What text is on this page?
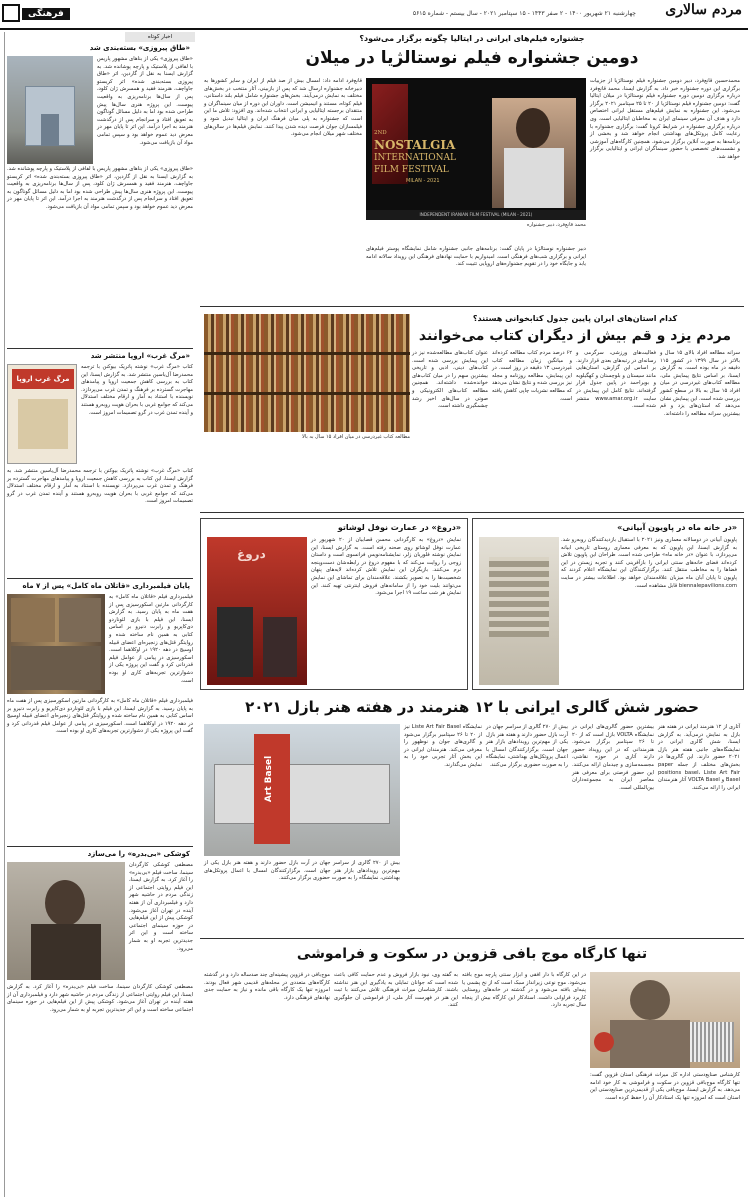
مردم سالاری
چهارشنبه ۲۱ شهریور ۱۴۰۰ - ۲ صفر ۱۴۴۳ - ۱۵ سپتامبر ۲۰۲۱ - سال بیستم - شماره ۵۶۱۵
فرهنگی
اخبار کوتاه
«طاق پیروزی» بسته‌بندی شد
«طاق پیروزی» یکی از بناهای مشهور پاریس با لفافی از پلاستیک و پارچه پوشانده شد. به گزارش ایسنا به نقل از گاردین، اثر «طاق پیروزی بسته‌بندی شده» اثر کریستو جاواچف، هنرمند فقید و همسرش ژان کلود، پس از سال‌ها برنامه‌ریزی به واقعیت پیوست. این پروژه هنری سال‌ها پیش طراحی شده بود اما به دلیل مسائل گوناگون به تعویق افتاد و سرانجام پس از درگذشت هنرمند به اجرا درآمد. این اثر تا پایان مهر در معرض دید عموم خواهد بود و سپس تمامی مواد آن بازیافت می‌شود.
«طاق پیروزی» یکی از بناهای مشهور پاریس با لفافی از پلاستیک و پارچه پوشانده شد. به گزارش ایسنا به نقل از گاردین، اثر «طاق پیروزی بسته‌بندی شده» اثر کریستو جاواچف، هنرمند فقید و همسرش ژان کلود، پس از سال‌ها برنامه‌ریزی به واقعیت پیوست. این پروژه هنری سال‌ها پیش طراحی شده بود اما به دلیل مسائل گوناگون به تعویق افتاد و سرانجام پس از درگذشت هنرمند به اجرا درآمد. این اثر تا پایان مهر در معرض دید عموم خواهد بود و سپس تمامی مواد آن بازیافت می‌شود.
«مرگ غرب» اروپا منتشر شد
مرگ غرب اروپا
کتاب «مرگ غرب» نوشته پاتریک بیوکنن با ترجمه محمدرضا آل‌یاسین منتشر شد. به گزارش ایسنا، این کتاب به بررسی کاهش جمعیت اروپا و پیامدهای مهاجرت گسترده بر فرهنگ و تمدن غرب می‌پردازد. نویسنده با استناد به آمار و ارقام مختلف استدلال می‌کند که جوامع غربی با بحران هویت روبه‌رو هستند و آینده تمدن غرب در گرو تصمیمات امروز است.
کتاب «مرگ غرب» نوشته پاتریک بیوکنن با ترجمه محمدرضا آل‌یاسین منتشر شد. به گزارش ایسنا، این کتاب به بررسی کاهش جمعیت اروپا و پیامدهای مهاجرت گسترده بر فرهنگ و تمدن غرب می‌پردازد. نویسنده با استناد به آمار و ارقام مختلف استدلال می‌کند که جوامع غربی با بحران هویت روبه‌رو هستند و آینده تمدن غرب در گرو تصمیمات امروز است.
پایان فیلمبرداری «قاتلان ماه کامل» پس از ۷ ماه
فیلمبرداری فیلم «قاتلان ماه کامل» به کارگردانی مارتین اسکورسیزی پس از هفت ماه به پایان رسید. به گزارش ایسنا، این فیلم با بازی لئوناردو دی‌کاپریو و رابرت دنیرو بر اساس کتابی به همین نام ساخته شده و روایتگر قتل‌های زنجیره‌ای اعضای قبیله اوسیج در دهه ۱۹۲۰ در اوکلاهما است. اسکورسیزی در پیامی از عوامل فیلم قدردانی کرد و گفت این پروژه یکی از دشوارترین تجربه‌های کاری او بوده است.
فیلمبرداری فیلم «قاتلان ماه کامل» به کارگردانی مارتین اسکورسیزی پس از هفت ماه به پایان رسید. به گزارش ایسنا، این فیلم با بازی لئوناردو دی‌کاپریو و رابرت دنیرو بر اساس کتابی به همین نام ساخته شده و روایتگر قتل‌های زنجیره‌ای اعضای قبیله اوسیج در دهه ۱۹۲۰ در اوکلاهما است. اسکورسیزی در پیامی از عوامل فیلم قدردانی کرد و گفت این پروژه یکی از دشوارترین تجربه‌های کاری او بوده است.
کوشکی «بی‌بدره» را می‌سازد
مصطفی کوشکی کارگردان سینما، ساخت فیلم «بی‌بدره» را آغاز کرد. به گزارش ایسنا، این فیلم روایتی اجتماعی از زندگی مردم در حاشیه شهر دارد و فیلمبرداری آن از هفته آینده در تهران آغاز می‌شود. کوشکی پیش از این فیلم‌هایی در حوزه سینمای اجتماعی ساخته است و این اثر جدیدترین تجربه او به شمار می‌رود.
مصطفی کوشکی کارگردان سینما، ساخت فیلم «بی‌بدره» را آغاز کرد. به گزارش ایسنا، این فیلم روایتی اجتماعی از زندگی مردم در حاشیه شهر دارد و فیلمبرداری آن از هفته آینده در تهران آغاز می‌شود. کوشکی پیش از این فیلم‌هایی در حوزه سینمای اجتماعی ساخته است و این اثر جدیدترین تجربه او به شمار می‌رود.
جشنواره فیلم‌های ایرانی در ایتالیا چگونه برگزار می‌شود؟
دومین جشنواره فیلم نوستالژیا در میلان
2ND
NOSTALGIA
INTERNATIONAL
FILM FESTIVAL
2021 - MILAN
INDEPENDENT IRANIAN FILM FESTIVAL (MILAN - 2021)
محمد قانع‌فرد، دبیر جشنواره
محمدحسین قانع‌فرد، دبیر دومین جشنواره فیلم نوستالژیا از جزییات برگزاری این دوره جشنواره خبر داد. به گزارش ایسنا، محمد قانع‌فرد درباره برگزاری دومین دوره جشنواره فیلم نوستالژیا در میلان ایتالیا گفت: دومین جشنواره فیلم نوستالژیا از ۲۰ تا ۲۵ سپتامبر ۲۰۲۱ برگزار می‌شود. این جشنواره به نمایش فیلم‌های مستقل ایرانی اختصاص دارد و هدف آن معرفی سینمای ایران به مخاطبان ایتالیایی است. وی درباره برگزاری جشنواره در شرایط کرونا گفت: برگزاری جشنواره با رعایت کامل پروتکل‌های بهداشتی انجام خواهد شد و بخشی از برنامه‌ها به صورت آنلاین برگزار می‌شود. همچنین کارگاه‌های آموزشی و نشست‌های تخصصی با حضور سینماگران ایرانی و ایتالیایی برگزار خواهد شد.
قانع‌فرد ادامه داد: امسال بیش از صد فیلم از ایران و سایر کشورها به دبیرخانه جشنواره ارسال شد که پس از بازبینی، آثار منتخب در بخش‌های مختلف به نمایش درمی‌آیند. بخش‌های جشنواره شامل فیلم بلند داستانی، فیلم کوتاه، مستند و انیمیشن است. داوران این دوره از میان سینماگران و منتقدان برجسته ایتالیایی و ایرانی انتخاب شده‌اند. وی افزود: تلاش ما این است که جشنواره به پلی میان فرهنگ ایران و ایتالیا تبدیل شود و فیلمسازان جوان فرصت دیده شدن پیدا کنند. نمایش فیلم‌ها در سالن‌های مختلف شهر میلان انجام می‌شود.
دبیر جشنواره نوستالژیا در پایان گفت: برنامه‌های جانبی جشنواره شامل نمایشگاه پوستر فیلم‌های ایرانی و برگزاری شب‌های فرهنگی است. امیدواریم با حمایت نهادهای فرهنگی این رویداد سالانه ادامه یابد و جایگاه خود را در تقویم جشنواره‌های اروپایی تثبیت کند.
کدام استان‌های ایران پایین جدول کتابخوانی هستند؟
مردم یزد و قم بیش از دیگران کتاب می‌خوانند
سرانه مطالعه افراد بالای ۱۵ سال و بالاتر در سال ۱۳۹۹ در کشور ۱۱۵ دقیقه در ماه بوده است. به گزارش ایسنا، بر اساس نتایج پیمایش ملی، مطالعه کتاب‌های غیردرسی در میان افراد ۱۵ سال به بالا در سطح کشور بررسی شده است. این پیمایش نشان می‌دهد که استان‌های یزد و قم بیشترین سرانه مطالعه را داشته‌اند.
فعالیت‌های ورزشی، سرگرمی و رسانه‌ای در رتبه‌های بعدی قرار دارند. بر اساس این گزارش، استان‌هایی مانند سیستان و بلوچستان و کهگیلویه و بویراحمد در پایین جدول قرار گرفته‌اند. نتایج کامل این پیمایش در سایت www.amar.org.ir منتشر شده است.
۶۲ درصد مردم کتاب مطالعه کرده‌اند و میانگین زمان مطالعه کتاب غیردرسی ۱۳ دقیقه در روز است. در این پیمایش، مطالعه روزنامه و مجله نیز بررسی شده و نتایج نشان می‌دهد که مطالعه نشریات چاپی کاهش یافته است.
عنوان کتاب‌های مطالعه‌شده نیز در این پیمایش بررسی شده است. کتاب‌های دینی، ادبی و تاریخی بیشترین سهم را در میان کتاب‌های خوانده‌شده داشته‌اند. همچنین مطالعه کتاب‌های الکترونیکی و صوتی در سال‌های اخیر رشد چشمگیری داشته است.
مطالعه کتاب غیردرسی در میان افراد ۱۵ سال به بالا
«در خانه ماه در پاویون آبیانی»
پاویون آبیانی در دوسالانه معماری ونیز ۲۰۲۱ با استقبال بازدیدکنندگان روبه‌رو شد. به گزارش ایسنا، این پاویون که به معرفی معماری روستای تاریخی ابیانه می‌پردازد، با عنوان «در خانه ماه» طراحی شده است. طراحان این پاویون تلاش کرده‌اند فضای خانه‌های سنتی ایرانی را بازآفرینی کنند و تجربه زیستن در این فضاها را به مخاطب منتقل کنند. برگزارکنندگان این نمایشگاه اعلام کردند که پاویون تا پایان آبان ماه میزبان علاقه‌مندان خواهد بود. اطلاعات بیشتر در سایت biennalepavilions.com قابل مشاهده است.
«دروغ» در عمارت نوفل لوشاتو
دروغ
نمایش «دروغ» به کارگردانی محسن قصابیان از ۲۰ شهریور در عمارت نوفل لوشاتو روی صحنه رفته است. به گزارش ایسنا، این نمایش نوشته فلوریان زلر، نمایشنامه‌نویس فرانسوی است و داستان زوجی را روایت می‌کند که با مفهوم دروغ در رابطه‌شان دست‌وپنجه نرم می‌کنند. بازیگران این نمایش تلاش کرده‌اند لایه‌های پنهان شخصیت‌ها را به تصویر بکشند. علاقه‌مندان برای تماشای این نمایش می‌توانند بلیت خود را از سامانه‌های فروش اینترنتی تهیه کنند. این نمایش هر شب ساعت ۱۹ اجرا می‌شود.
حضور شش گالری ایرانی با ۱۲ هنرمند در هفته هنر بازل ۲۰۲۱
Art Basel
آثاری از ۱۲ هنرمند ایرانی در هفته هنر بازل به نمایش درمی‌آید. به گزارش ایسنا، شش گالری ایرانی در نمایشگاه‌های جانبی هفته هنر بازل ۲۰۲۱ حضور دارند. این گالری‌ها در بخش‌های مختلف از جمله paper positions basel، Liste Art Fair Basel و VOLTA Basel آثار هنرمندان ایرانی را ارائه می‌کنند.
بیشترین حضور گالری‌های ایرانی در نمایشگاه VOLTA بازل است که از ۲۰ تا ۲۶ سپتامبر برگزار می‌شود. هنرمندانی که در این رویداد حضور دارند آثاری در حوزه نقاشی، مجسمه‌سازی و چیدمان ارائه می‌کنند. این حضور فرصتی برای معرفی هنر معاصر ایران به مجموعه‌داران بین‌المللی است.
بیش از ۲۷۰ گالری از سراسر جهان در آرت بازل حضور دارند و هفته هنر بازل یکی از مهم‌ترین رویدادهای بازار هنر جهان است. برگزارکنندگان امسال با اعمال پروتکل‌های بهداشتی، نمایشگاه را به صورت حضوری برگزار می‌کنند.
نمایشگاه Liste Art Fair Basel نیز از ۲۰ تا ۲۶ سپتامبر برگزار می‌شود و گالری‌های جوان و نوظهور را معرفی می‌کند. هنرمندان ایرانی در این بخش آثار تجربی خود را به نمایش می‌گذارند.
بیش از ۲۷۰ گالری از سراسر جهان در آرت بازل حضور دارند و هفته هنر بازل یکی از مهم‌ترین رویدادهای بازار هنر جهان است. برگزارکنندگان امسال با اعمال پروتکل‌های بهداشتی، نمایشگاه را به صورت حضوری برگزار می‌کنند.
تنها کارگاه موج بافی قزوین در سکوت و فراموشی
کارشناس صنایع‌دستی اداره کل میراث فرهنگی استان قزوین گفت: تنها کارگاه موج‌بافی قزوین در سکوت و فراموشی به کار خود ادامه می‌دهد. به گزارش ایسنا، موج‌بافی یکی از قدیمی‌ترین صنایع‌دستی این استان است که امروزه تنها یک استادکار آن را حفظ کرده است.
در این کارگاه با دار افقی و ابزار سنتی پارچه موج بافته می‌شود. موج نوعی زیرانداز سبک است که از نخ پشمی یا پنبه‌ای بافته می‌شود و در گذشته در خانه‌های روستایی کاربرد فراوانی داشت. استادکار این کارگاه بیش از پنجاه سال تجربه دارد.
به گفته وی، نبود بازار فروش و عدم حمایت کافی باعث شده است که جوانان تمایلی به یادگیری این هنر نداشته باشند. کارشناسان میراث فرهنگی تلاش می‌کنند با ثبت این هنر در فهرست آثار ملی، از فراموشی آن جلوگیری کنند.
موج‌بافی در قزوین پیشینه‌ای چند صدساله دارد و در گذشته کارگاه‌های متعددی در محله‌های قدیمی شهر فعال بودند. امروزه تنها یک کارگاه باقی مانده و نیاز به حمایت جدی نهادهای فرهنگی دارد.
